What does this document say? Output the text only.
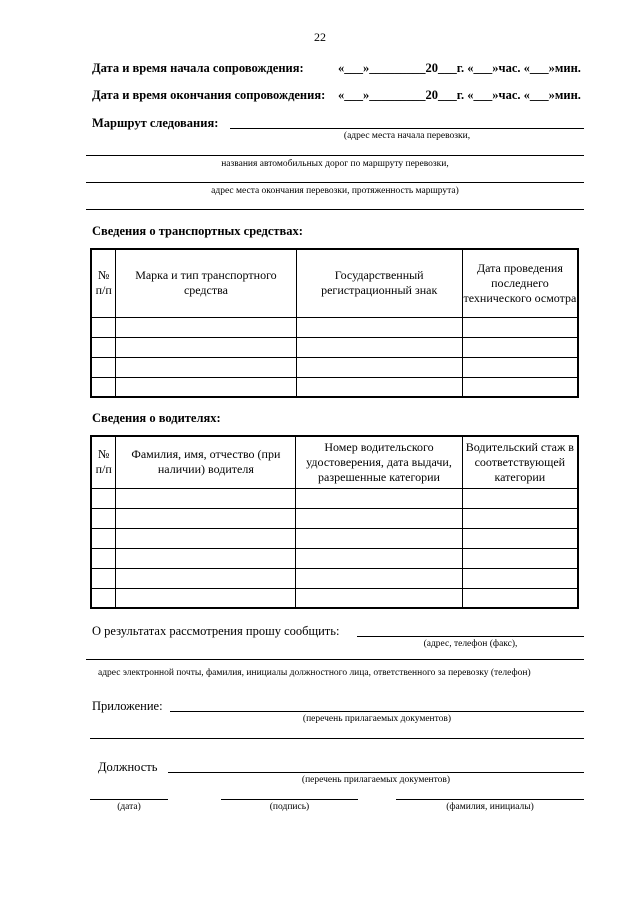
22
Дата и время начала сопровождения:	«___»_________20___г. «___»час. «___»мин.
Дата и время окончания сопровождения: «___»_________20___г. «___»час. «___»мин.
Маршрут следования:
(адрес места начала перевозки,
названия автомобильных дорог по маршруту перевозки,
адрес места окончания перевозки, протяженность маршрута)
Сведения о транспортных средствах:
№ п/п	Марка и тип транспортного средства	Государственный регистрационный знак	Дата проведения последнего технического осмотра

Сведения о водителях:
№ п/п	Фамилия, имя, отчество (при наличии) водителя	Номер водительского удостоверения, дата выдачи, разрешенные категории	Водительский стаж в соответствующей категории

О результатах рассмотрения прошу сообщить:
(адрес, телефон (факс),
адрес электронной почты, фамилия, инициалы должностного лица, ответственного за перевозку (телефон)
Приложение:
(перечень прилагаемых документов)
Должность
(перечень прилагаемых документов)
(дата)	(подпись)	(фамилия, инициалы)
